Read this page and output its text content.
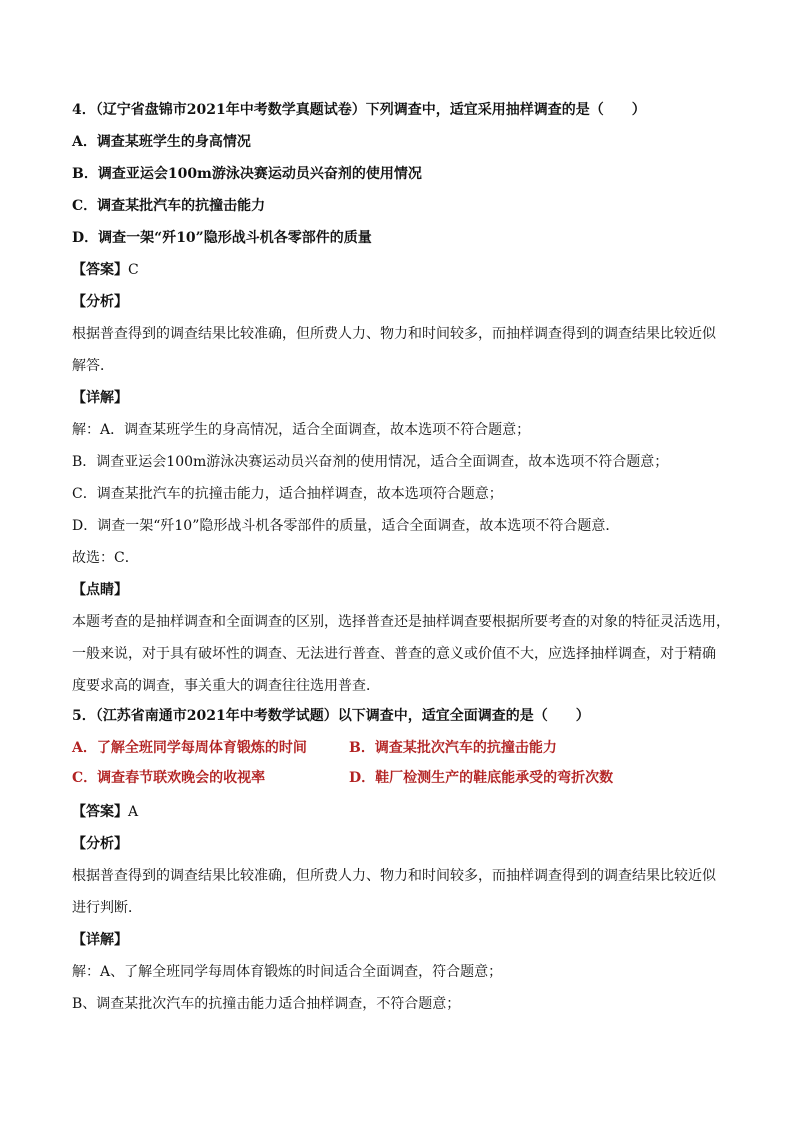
4．（辽宁省盘锦市2021年中考数学真题试卷）下列调查中，适宜采用抽样调查的是（　　）
A．调查某班学生的身高情况
B．调查亚运会100m游泳决赛运动员兴奋剂的使用情况
C．调查某批汽车的抗撞击能力
D．调查一架“歼10”隐形战斗机各零部件的质量
【答案】C
【分析】
根据普查得到的调查结果比较准确，但所费人力、物力和时间较多，而抽样调查得到的调查结果比较近似
解答．
【详解】
解：A．调查某班学生的身高情况，适合全面调查，故本选项不符合题意；
B．调查亚运会100m游泳决赛运动员兴奋剂的使用情况，适合全面调查，故本选项不符合题意；
C．调查某批汽车的抗撞击能力，适合抽样调查，故本选项符合题意；
D．调查一架“歼10”隐形战斗机各零部件的质量，适合全面调查，故本选项不符合题意．
故选：C．
【点睛】
本题考查的是抽样调查和全面调查的区别，选择普查还是抽样调查要根据所要考查的对象的特征灵活选用，
一般来说，对于具有破坏性的调查、无法进行普查、普查的意义或价值不大，应选择抽样调查，对于精确
度要求高的调查，事关重大的调查往往选用普查．
5．（江苏省南通市2021年中考数学试题）以下调查中，适宜全面调查的是（　　）
A．了解全班同学每周体育锻炼的时间	B．调查某批次汽车的抗撞击能力
C．调查春节联欢晚会的收视率	D．鞋厂检测生产的鞋底能承受的弯折次数
【答案】A
【分析】
根据普查得到的调查结果比较准确，但所费人力、物力和时间较多，而抽样调查得到的调查结果比较近似
进行判断．
【详解】
解：A、了解全班同学每周体育锻炼的时间适合全面调查，符合题意；
B、调查某批次汽车的抗撞击能力适合抽样调查，不符合题意；
